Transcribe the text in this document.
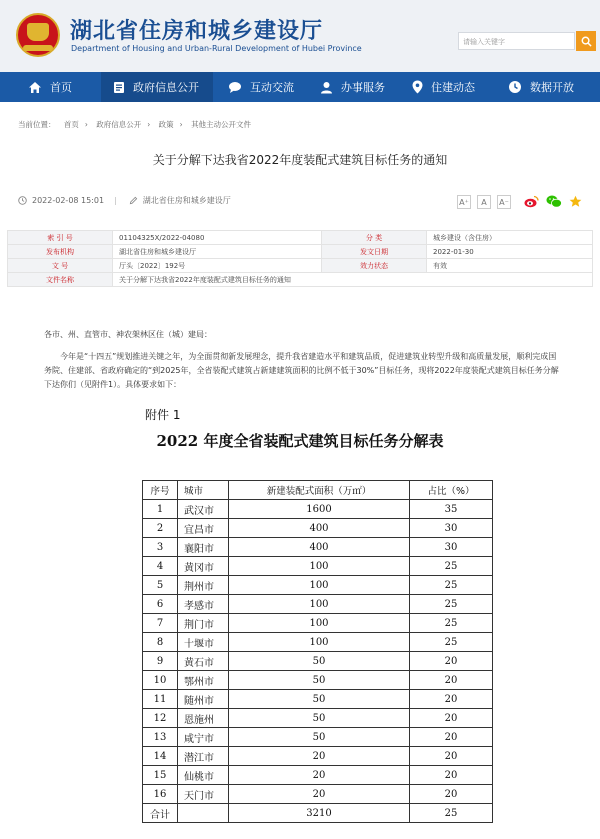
湖北省住房和城乡建设厅
Department of Housing and Urban-Rural Development of Hubei Province
请输入关键字
首页	政府信息公开	互动交流	办事服务	住建动态	数据开放
当前位置： 首页 › 政府信息公开 › 政策 › 其他主动公开文件
关于分解下达我省2022年度装配式建筑目标任务的通知
2022-02-08 15:01 |	湖北省住房和城乡建设厅	A⁺	A	A⁻
索 引 号	01104325X/2022-04080	分 类	城乡建设（含住房）
发布机构	湖北省住房和城乡建设厅	发文日期	2022-01-30
文 号	厅头〔2022〕192号	效力状态	有效
文件名称	关于分解下达我省2022年度装配式建筑目标任务的通知		
各市、州、直管市、神农架林区住（城）建局：
今年是“十四五”规划推进关键之年，为全面贯彻新发展理念，提升我省建造水平和建筑品质，促进建筑业转型升级和高质量发展，顺利完成国
务院、住建部、省政府确定的“到2025年，全省装配式建筑占新建建筑面积的比例不低于30%”目标任务，现将2022年度装配式建筑目标任务分解
下达你们（见附件1）。具体要求如下：
附件 1
2022 年度全省装配式建筑目标任务分解表
序号	城市	新建装配式面积（万㎡）	占比（%）
1	武汉市	1600	35
2	宜昌市	400	30
3	襄阳市	400	30
4	黄冈市	100	25
5	荆州市	100	25
6	孝感市	100	25
7	荆门市	100	25
8	十堰市	100	25
9	黄石市	50	20
10	鄂州市	50	20
11	随州市	50	20
12	恩施州	50	20
13	咸宁市	50	20
14	潜江市	20	20
15	仙桃市	20	20
16	天门市	20	20
合计		3210	25
